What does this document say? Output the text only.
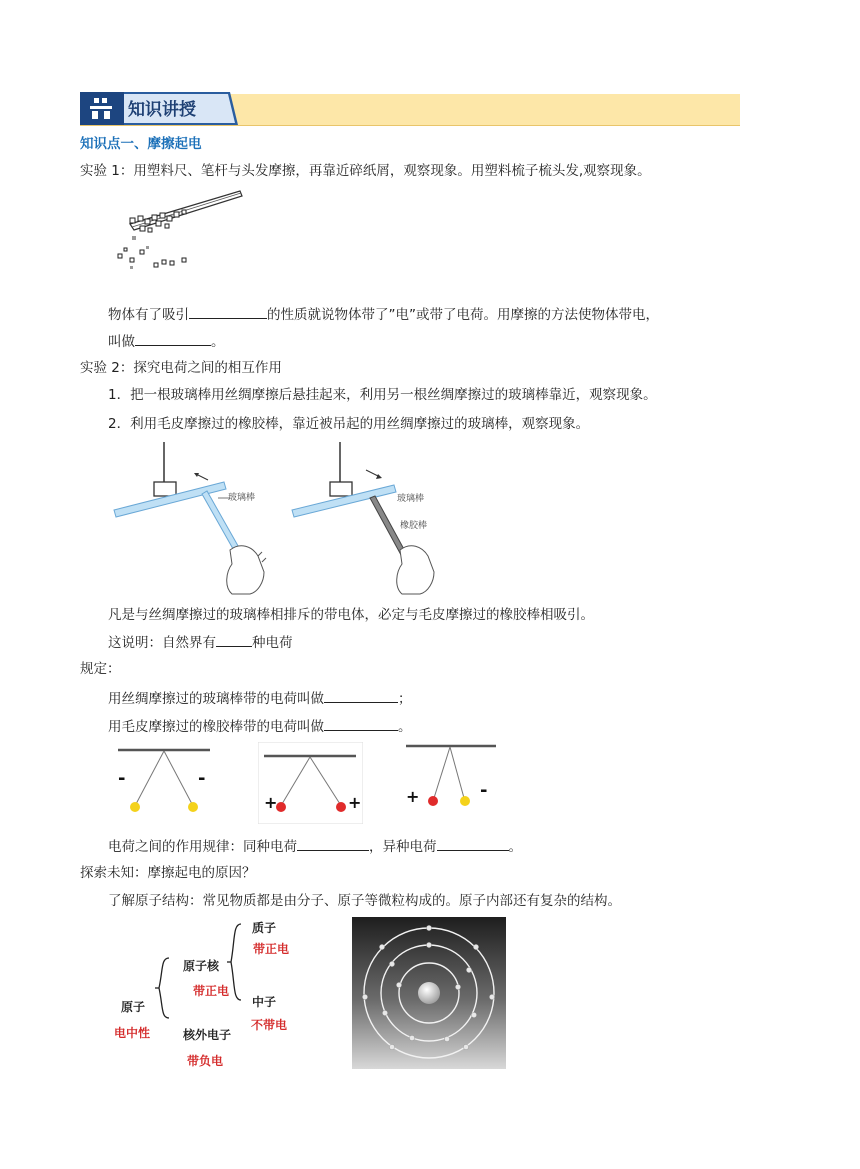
知识讲授
知识点一、摩擦起电
实验 1：用塑料尺、笔杆与头发摩擦，再靠近碎纸屑，观察现象。用塑料梳子梳头发,观察现象。
物体有了吸引	的性质就说物体带了”电”或带了电荷。用摩擦的方法使物体带电，
叫做	。
实验 2：探究电荷之间的相互作用
1．把一根玻璃棒用丝绸摩擦后悬挂起来，利用另一根丝绸摩擦过的玻璃棒靠近，观察现象。
2．利用毛皮摩擦过的橡胶棒，靠近被吊起的用丝绸摩擦过的玻璃棒，观察现象。
玻璃棒	玻璃棒
橡胶棒
凡是与丝绸摩擦过的玻璃棒相排斥的带电体，必定与毛皮摩擦过的橡胶棒相吸引。
这说明：自然界有	种电荷
规定：
用丝绸摩擦过的玻璃棒带的电荷叫做	；
用毛皮摩擦过的橡胶棒带的电荷叫做	。
-	-
+	+	+	-
电荷之间的作用规律：同种电荷	，异种电荷	。
探索未知：摩擦起电的原因？
了解原子结构：常见物质都是由分子、原子等微粒构成的。原子内部还有复杂的结构。
原子
电中性
原子核
带正电
核外电子
带负电
质子
带正电
中子
不带电
